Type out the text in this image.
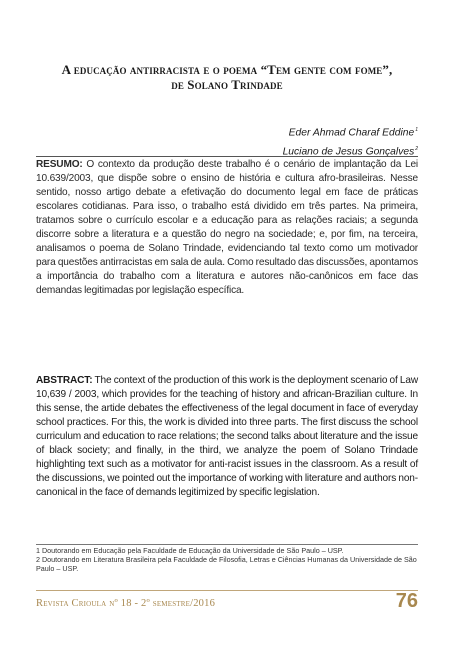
A educação antirracista e o poema “Tem gente com fome”,
de Solano Trindade
Eder Ahmad Charaf Eddine$^1$
Luciano de Jesus Gonçalves$^2$
RESUMO: O contexto da produção deste trabalho é o cenário de implantação da Lei 10.639/2003, que dispõe sobre o ensino de história e cultura afro-brasileiras. Nesse sentido, nosso artigo debate a efetivação do documento legal em face de práticas escolares cotidianas. Para isso, o trabalho está dividido em três partes. Na primeira, tratamos sobre o currículo escolar e a educação para as relações raciais; a segunda discorre sobre a literatura e a questão do negro na sociedade; e, por fim, na terceira, analisamos o poema de Solano Trindade, evidenciando tal texto como um motivador para questões antirracistas em sala de aula. Como resultado das discussões, apontamos a importância do trabalho com a literatura e autores não-canônicos em face das demandas legitimadas por legislação específica.
ABSTRACT: The context of the production of this work is the deployment scenario of Law 10,639 / 2003, which provides for the teaching of history and african-Brazilian culture. In this sense, the artide debates the effectiveness of the legal document in face of everyday school practices. For this, the work is divided into three parts. The first discuss the school curriculum and education to race relations; the second talks about literature and the issue of black society; and finally, in the third, we analyze the poem of Solano Trindade highlighting text such as a motivator for anti-racist issues in the classroom. As a result of the discussions, we pointed out the importance of working with literature and authors non-canonical in the face of demands legitimized by specific legislation.

1 Doutorando em Educação pela Faculdade de Educação da Universidade de São Paulo – USP.

2 Doutorando em Literatura Brasileira pela Faculdade de Filosofia, Letras e Ciências Humanas da Universidade de São Paulo – USP.

Revista Crioula nº 18 - 2º semestre/2016	76
